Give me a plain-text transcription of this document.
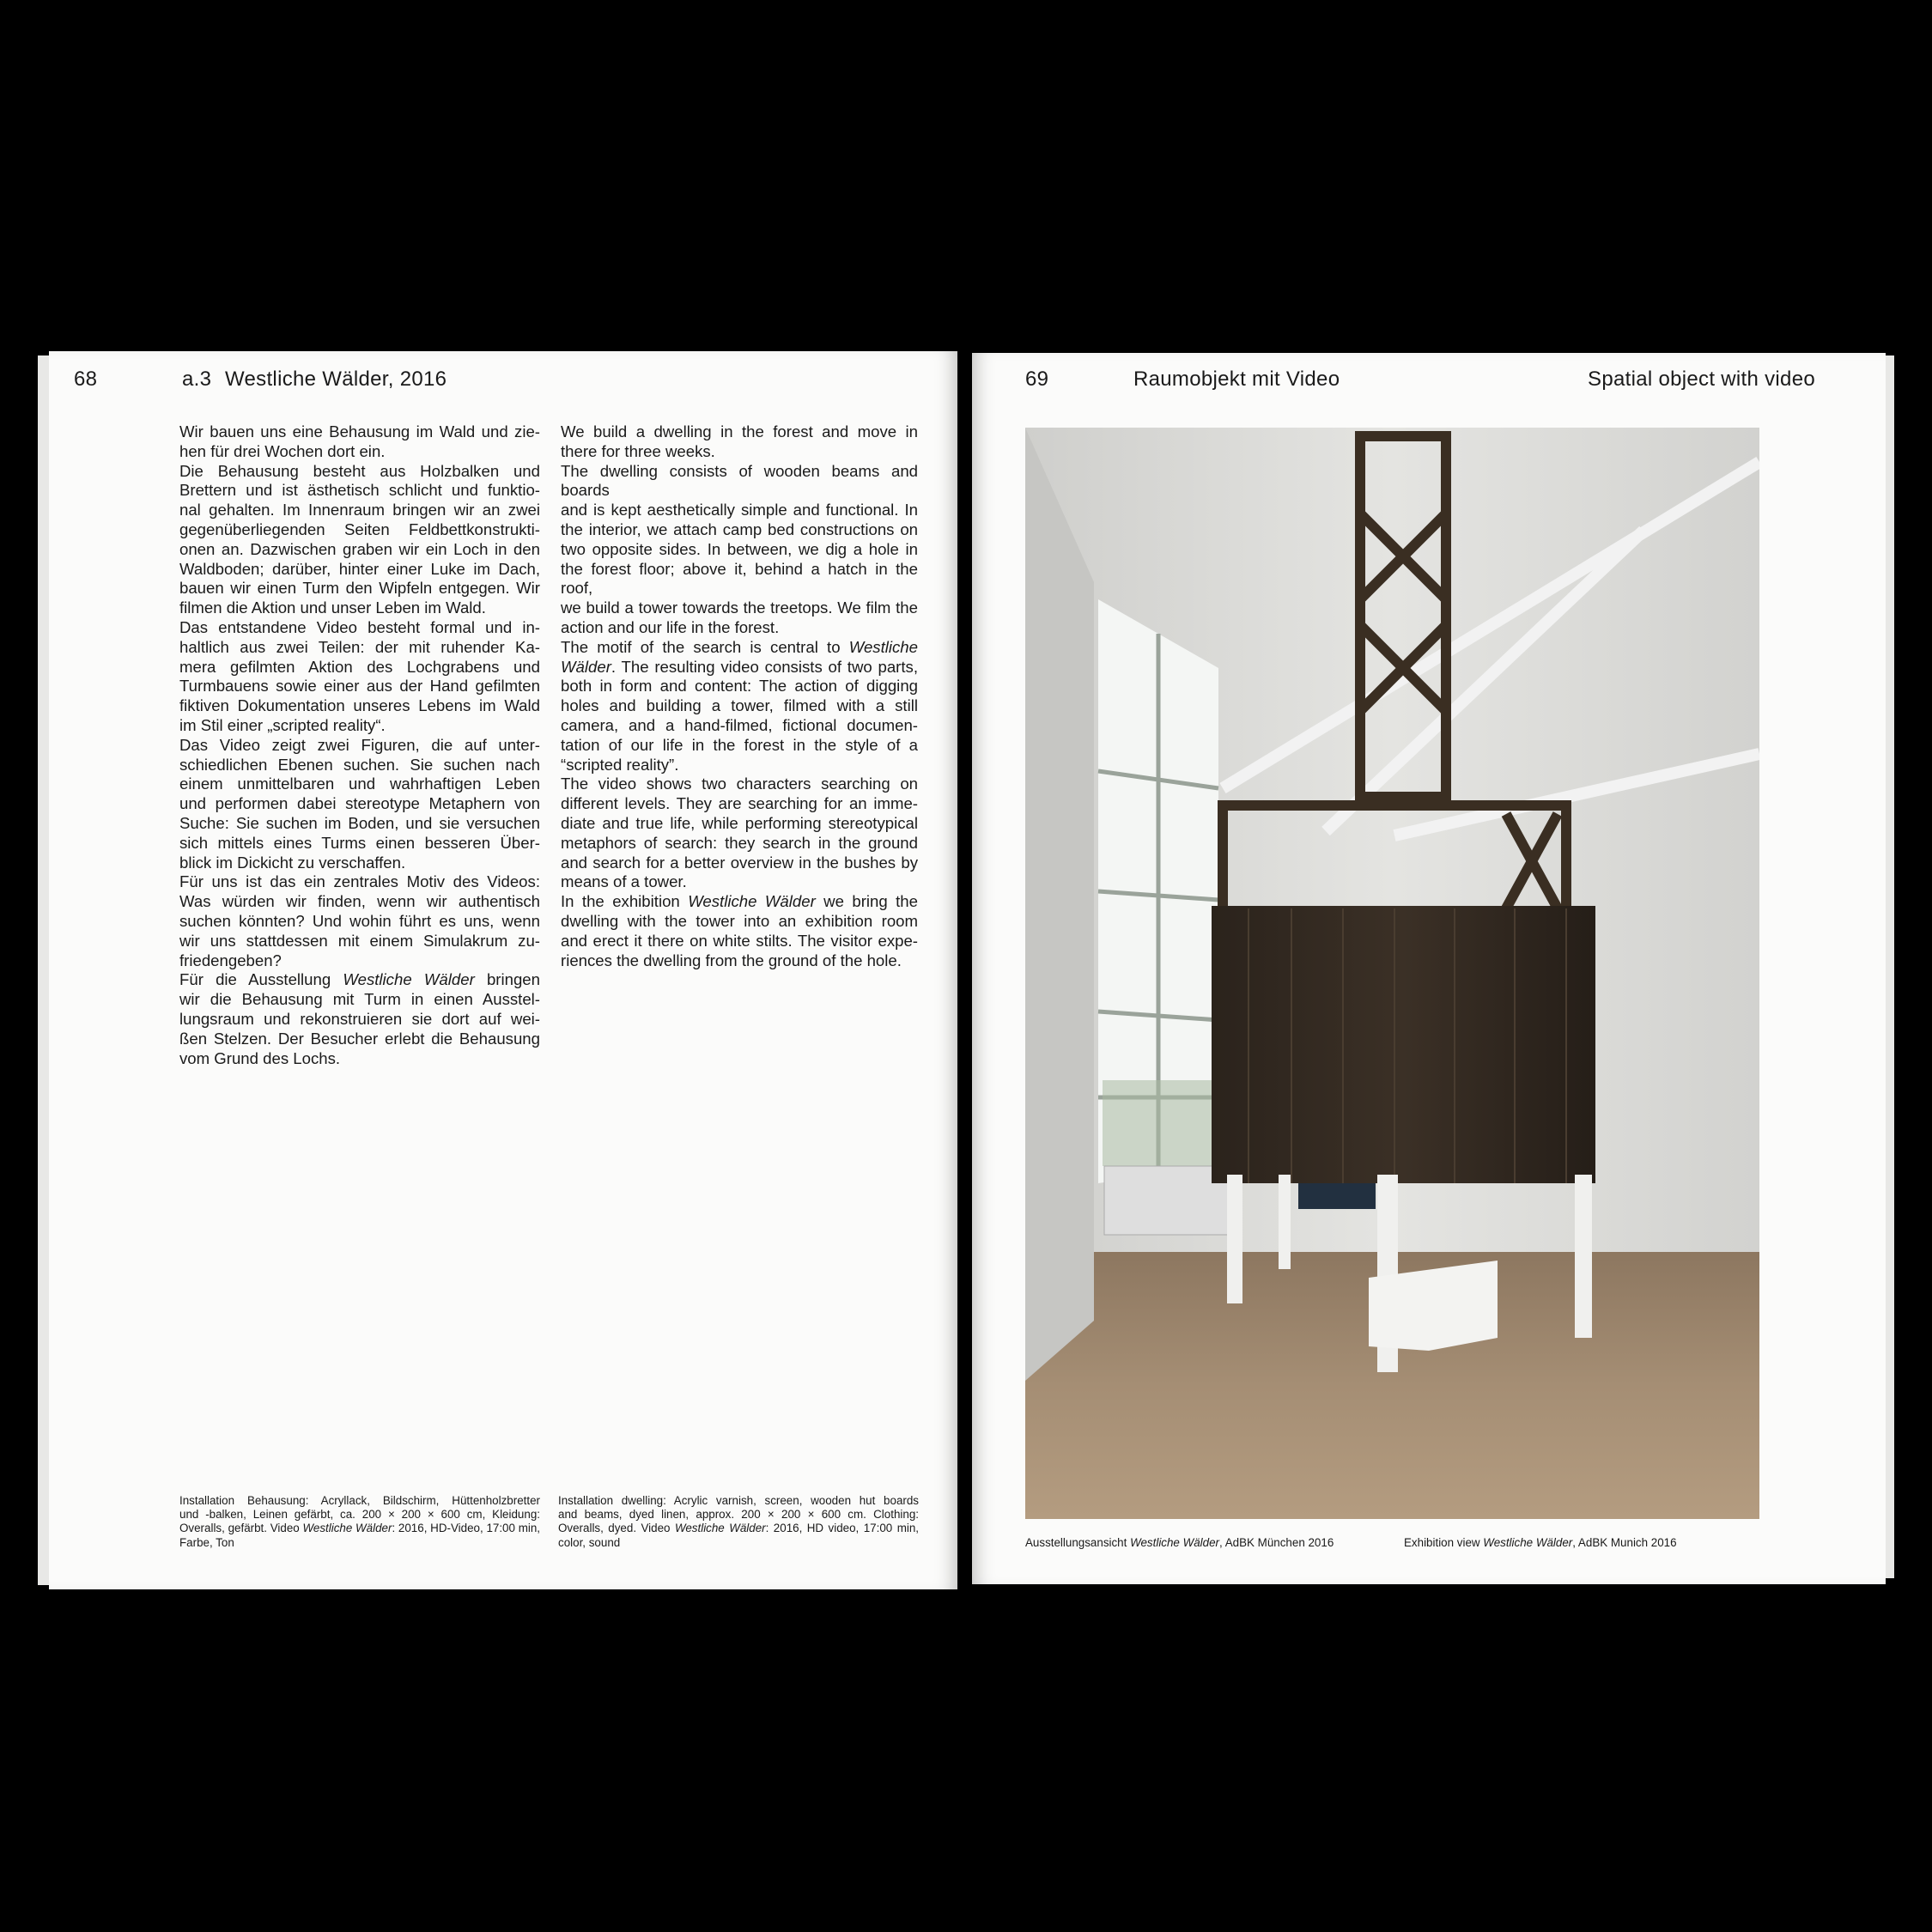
68	a.3 Westliche Wälder, 2016	69	Raumobjekt mit Video	Spatial object with video
Wir bauen uns eine Behausung im Wald und zie-
hen für drei Wochen dort ein.
Die Behausung besteht aus Holzbalken und
Brettern und ist ästhetisch schlicht und funktio-
nal gehalten. Im Innenraum bringen wir an zwei
gegenüberliegenden Seiten Feldbettkonstrukti-
onen an. Dazwischen graben wir ein Loch in den
Waldboden; darüber, hinter einer Luke im Dach,
bauen wir einen Turm den Wipfeln entgegen. Wir
filmen die Aktion und unser Leben im Wald.
Das entstandene Video besteht formal und in-
haltlich aus zwei Teilen: der mit ruhender Ka-
mera gefilmten Aktion des Lochgrabens und
Turmbauens sowie einer aus der Hand gefilmten
fiktiven Dokumentation unseres Lebens im Wald
im Stil einer „scripted reality“.
Das Video zeigt zwei Figuren, die auf unter-
schiedlichen Ebenen suchen. Sie suchen nach
einem unmittelbaren und wahrhaftigen Leben
und performen dabei stereotype Metaphern von
Suche: Sie suchen im Boden, und sie versuchen
sich mittels eines Turms einen besseren Über-
blick im Dickicht zu verschaffen.
Für uns ist das ein zentrales Motiv des Videos:
Was würden wir finden, wenn wir authentisch
suchen könnten? Und wohin führt es uns, wenn
wir uns stattdessen mit einem Simulakrum zu-
friedengeben?
Für die Ausstellung Westliche Wälder bringen
wir die Behausung mit Turm in einen Ausstel-
lungsraum und rekonstruieren sie dort auf wei-
ßen Stelzen. Der Besucher erlebt die Behausung
vom Grund des Lochs.
We build a dwelling in the forest and move in
there for three weeks.
The dwelling consists of wooden beams and boards
and is kept aesthetically simple and functional. In
the interior, we attach camp bed constructions on
two opposite sides. In between, we dig a hole in
the forest floor; above it, behind a hatch in the roof,
we build a tower towards the treetops. We film the
action and our life in the forest.
The motif of the search is central to Westliche
Wälder. The resulting video consists of two parts,
both in form and content: The action of digging
holes and building a tower, filmed with a still
camera, and a hand-filmed, fictional documen-
tation of our life in the forest in the style of a
“scripted reality”.
The video shows two characters searching on
different levels. They are searching for an imme-
diate and true life, while performing stereotypical
metaphors of search: they search in the ground
and search for a better overview in the bushes by
means of a tower.
In the exhibition Westliche Wälder we bring the
dwelling with the tower into an exhibition room
and erect it there on white stilts. The visitor expe-
riences the dwelling from the ground of the hole.
Installation Behausung: Acryllack, Bildschirm, Hüttenholzbretter
und -balken, Leinen gefärbt, ca. 200 × 200 × 600 cm, Kleidung:
Overalls, gefärbt. Video Westliche Wälder: 2016, HD-Video, 17:00 min,
Farbe, Ton
Installation dwelling: Acrylic varnish, screen, wooden hut boards
and beams, dyed linen, approx. 200 × 200 × 600 cm. Clothing:
Overalls, dyed. Video Westliche Wälder: 2016, HD video, 17:00 min,
color, sound	Ausstellungsansicht Westliche Wälder, AdBK München 2016	Exhibition view Westliche Wälder, AdBK Munich 2016
